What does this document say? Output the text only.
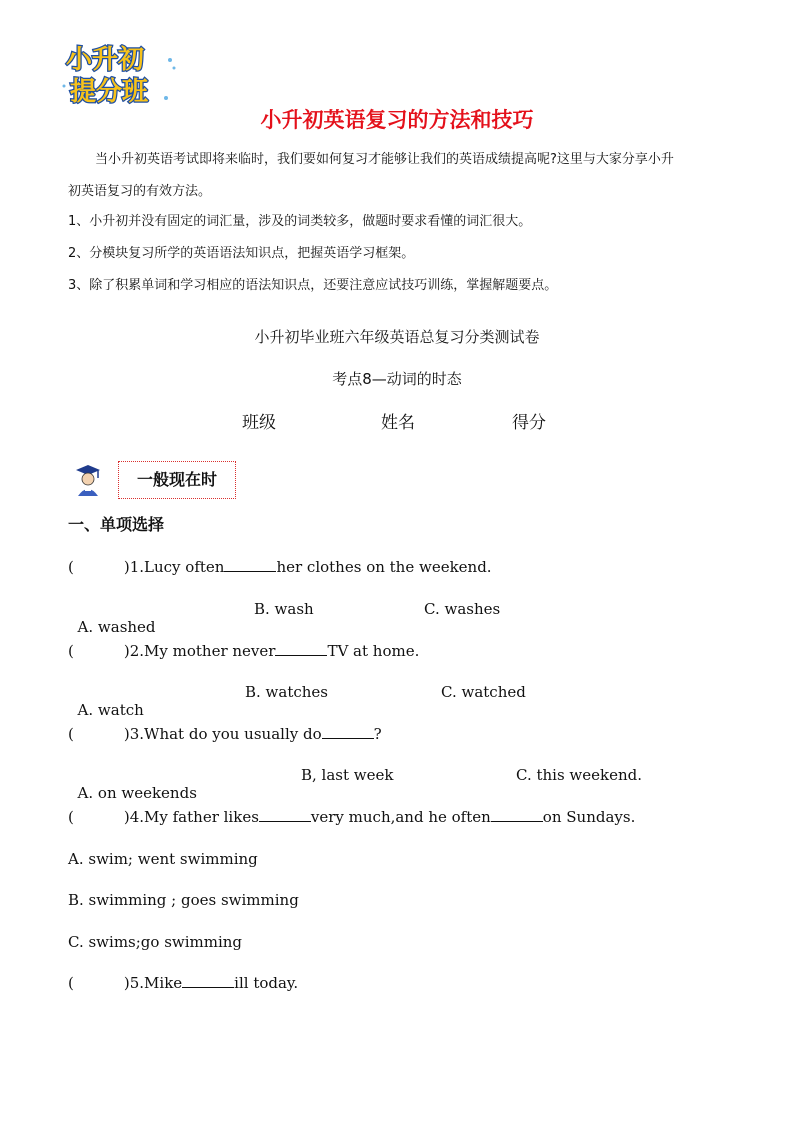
小升初
提分班
小升初英语复习的方法和技巧
当小升初英语考试即将来临时，我们要如何复习才能够让我们的英语成绩提高呢?这里与大家分享小升
初英语复习的有效方法。
1、小升初并没有固定的词汇量，涉及的词类较多，做题时要求看懂的词汇很大。
2、分模块复习所学的英语语法知识点，把握英语学习框架。
3、除了积累单词和学习相应的语法知识点，还要注意应试技巧训练，掌握解题要点。
小升初毕业班六年级英语总复习分类测试卷
考点8—动词的时态
班级	姓名	得分
一般现在时
一、单项选择
(	)1.Lucy often	her clothes on the weekend.

A. washed

B. wash

	C. washes

(	)2.My mother never	TV at home.

A. watch

B. watches

	C. watched

(	)3.What do you usually do	?

A. on weekends

B, last week

	C. this weekend.

(	)4.My father likes	very much,and he often	on Sundays.
A. swim; went swimming
B. swimming ; goes swimming
C. swims;go swimming
(	)5.Mike	ill today.
